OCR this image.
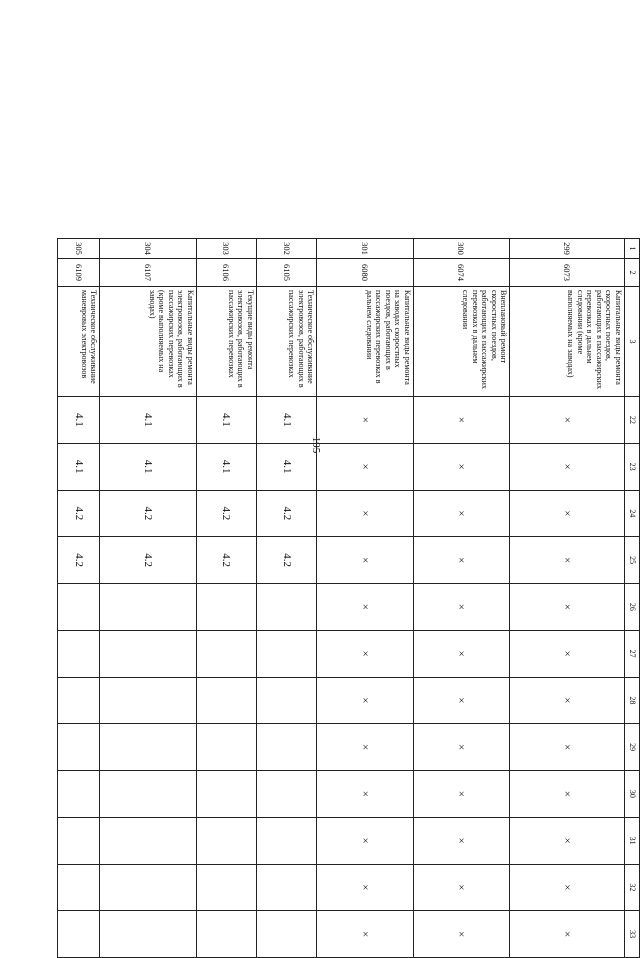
195
1	2	3	22	23	24	25	26	27	28	29	30	31	32	33
299	6073	Капитальные виды ремонта скоростных поездов, работающих в пассажирских перевозках в дальнем следовании (кроме выполняемых на заводах)	×	×	×	×	×	×	×	×	×	×	×	×
300	6074	Внеплановый ремонт скоростных поездов, работающих в пассажирских перевозках в дальнем следовании	×	×	×	×	×	×	×	×	×	×	×	×
301	6080	Капитальные виды ремонта на заводах скоростных поездов, работающих в пассажирских перевозках в дальнем следовании	×	×	×	×	×	×	×	×	×	×	×	×
302	6105	Техническое обслуживание электровозов, работающих в пассажирских перевозках	4.1	4.1	4.2	4.2								
303	6106	Текущие виды ремонта электровозов, работающих в пассажирских перевозках	4.1	4.1	4.2	4.2								
304	6107	Капитальные виды ремонта электровозов, работающих в пассажирских перевозках (кроме выполняемых на заводах)	4.1	4.1	4.2	4.2								
305	6109	Техническое обслуживание маневровых электровозов	4.1	4.1	4.2	4.2								
